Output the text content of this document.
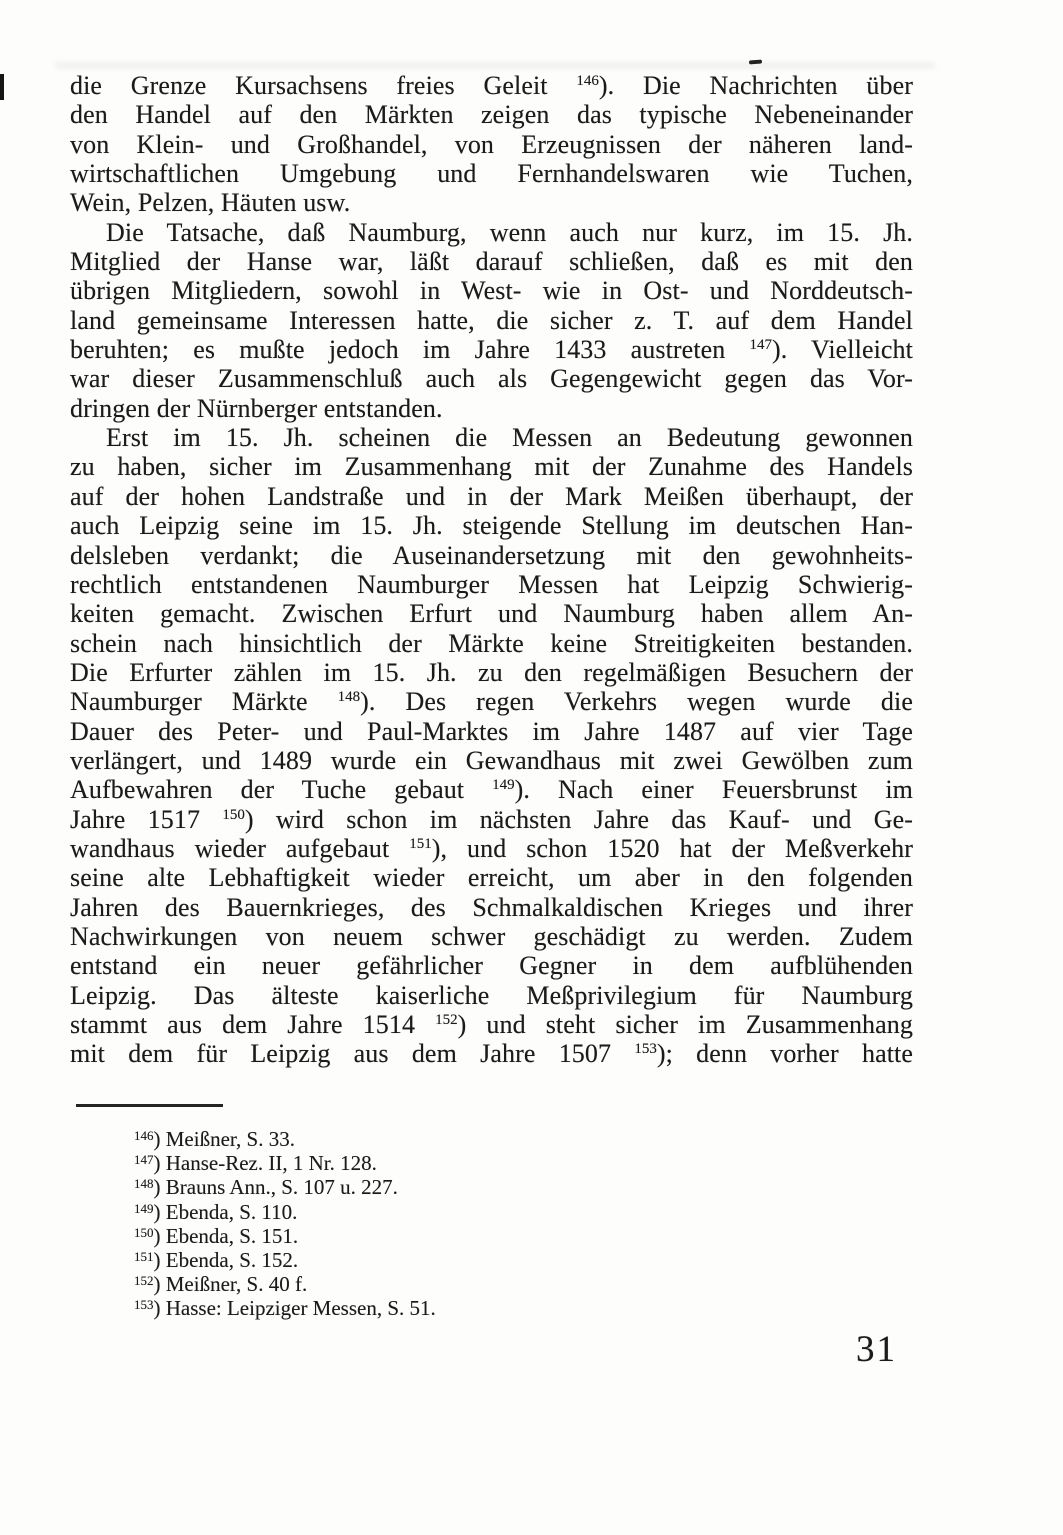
die Grenze Kursachsens freies Geleit $^{146}$). Die Nachrichten über
den Handel auf den Märkten zeigen das typische Nebeneinander
von Klein- und Großhandel, von Erzeugnissen der näheren land-
wirtschaftlichen Umgebung und Fernhandelswaren wie Tuchen,
Wein, Pelzen, Häuten usw.
Die Tatsache, daß Naumburg, wenn auch nur kurz, im 15. Jh.
Mitglied der Hanse war, läßt darauf schließen, daß es mit den
übrigen Mitgliedern, sowohl in West- wie in Ost- und Norddeutsch-
land gemeinsame Interessen hatte, die sicher z. T. auf dem Handel
beruhten; es mußte jedoch im Jahre 1433 austreten $^{147}$). Vielleicht
war dieser Zusammenschluß auch als Gegengewicht gegen das Vor-
dringen der Nürnberger entstanden.
Erst im 15. Jh. scheinen die Messen an Bedeutung gewonnen
zu haben, sicher im Zusammenhang mit der Zunahme des Handels
auf der hohen Landstraße und in der Mark Meißen überhaupt, der
auch Leipzig seine im 15. Jh. steigende Stellung im deutschen Han-
delsleben verdankt; die Auseinandersetzung mit den gewohnheits-
rechtlich entstandenen Naumburger Messen hat Leipzig Schwierig-
keiten gemacht. Zwischen Erfurt und Naumburg haben allem An-
schein nach hinsichtlich der Märkte keine Streitigkeiten bestanden.
Die Erfurter zählen im 15. Jh. zu den regelmäßigen Besuchern der
Naumburger Märkte $^{148}$). Des regen Verkehrs wegen wurde die
Dauer des Peter- und Paul-Marktes im Jahre 1487 auf vier Tage
verlängert, und 1489 wurde ein Gewandhaus mit zwei Gewölben zum
Aufbewahren der Tuche gebaut $^{149}$). Nach einer Feuersbrunst im
Jahre 1517 $^{150}$) wird schon im nächsten Jahre das Kauf- und Ge-
wandhaus wieder aufgebaut $^{151}$), und schon 1520 hat der Meßverkehr
seine alte Lebhaftigkeit wieder erreicht, um aber in den folgenden
Jahren des Bauernkrieges, des Schmalkaldischen Krieges und ihrer
Nachwirkungen von neuem schwer geschädigt zu werden. Zudem
entstand ein neuer gefährlicher Gegner in dem aufblühenden
Leipzig. Das älteste kaiserliche Meßprivilegium für Naumburg
stammt aus dem Jahre 1514 $^{152}$) und steht sicher im Zusammenhang
mit dem für Leipzig aus dem Jahre 1507 $^{153}$); denn vorher hatte
$^{146}$) Meißner, S. 33.
$^{147}$) Hanse-Rez. II, 1 Nr. 128.
$^{148}$) Brauns Ann., S. 107 u. 227.
$^{149}$) Ebenda, S. 110.
$^{150}$) Ebenda, S. 151.
$^{151}$) Ebenda, S. 152.
$^{152}$) Meißner, S. 40 f.
$^{153}$) Hasse: Leipziger Messen, S. 51.
31
